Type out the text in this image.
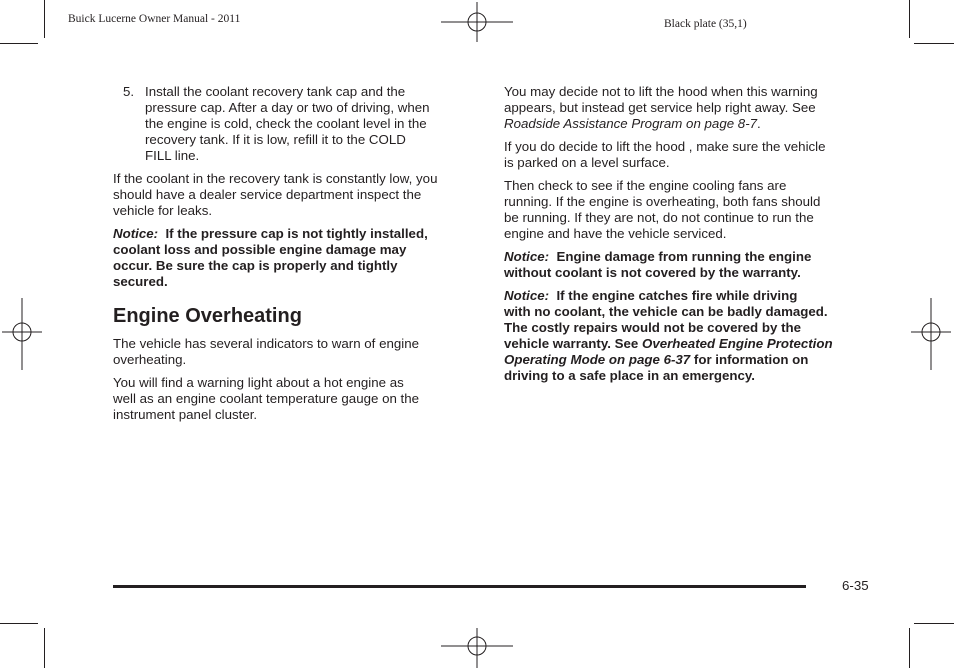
Buick Lucerne Owner Manual - 2011	Black plate (35,1)
5. Install the coolant recovery tank cap and the
pressure cap. After a day or two of driving, when
the engine is cold, check the coolant level in the
recovery tank. If it is low, refill it to the COLD
FILL line.

If the coolant in the recovery tank is constantly low, you
should have a dealer service department inspect the
vehicle for leaks.

Notice: If the pressure cap is not tightly installed,
coolant loss and possible engine damage may
occur. Be sure the cap is properly and tightly
secured.

Engine Overheating

The vehicle has several indicators to warn of engine
overheating.

You will find a warning light about a hot engine as
well as an engine coolant temperature gauge on the
instrument panel cluster.

You may decide not to lift the hood when this warning
appears, but instead get service help right away. See
Roadside Assistance Program on page 8-7.

If you do decide to lift the hood , make sure the vehicle
is parked on a level surface.

Then check to see if the engine cooling fans are
running. If the engine is overheating, both fans should
be running. If they are not, do not continue to run the
engine and have the vehicle serviced.

Notice: Engine damage from running the engine
without coolant is not covered by the warranty.

Notice: If the engine catches fire while driving
with no coolant, the vehicle can be badly damaged.
The costly repairs would not be covered by the
vehicle warranty. See Overheated Engine Protection
Operating Mode on page 6-37 for information on
driving to a safe place in an emergency.

6-35
